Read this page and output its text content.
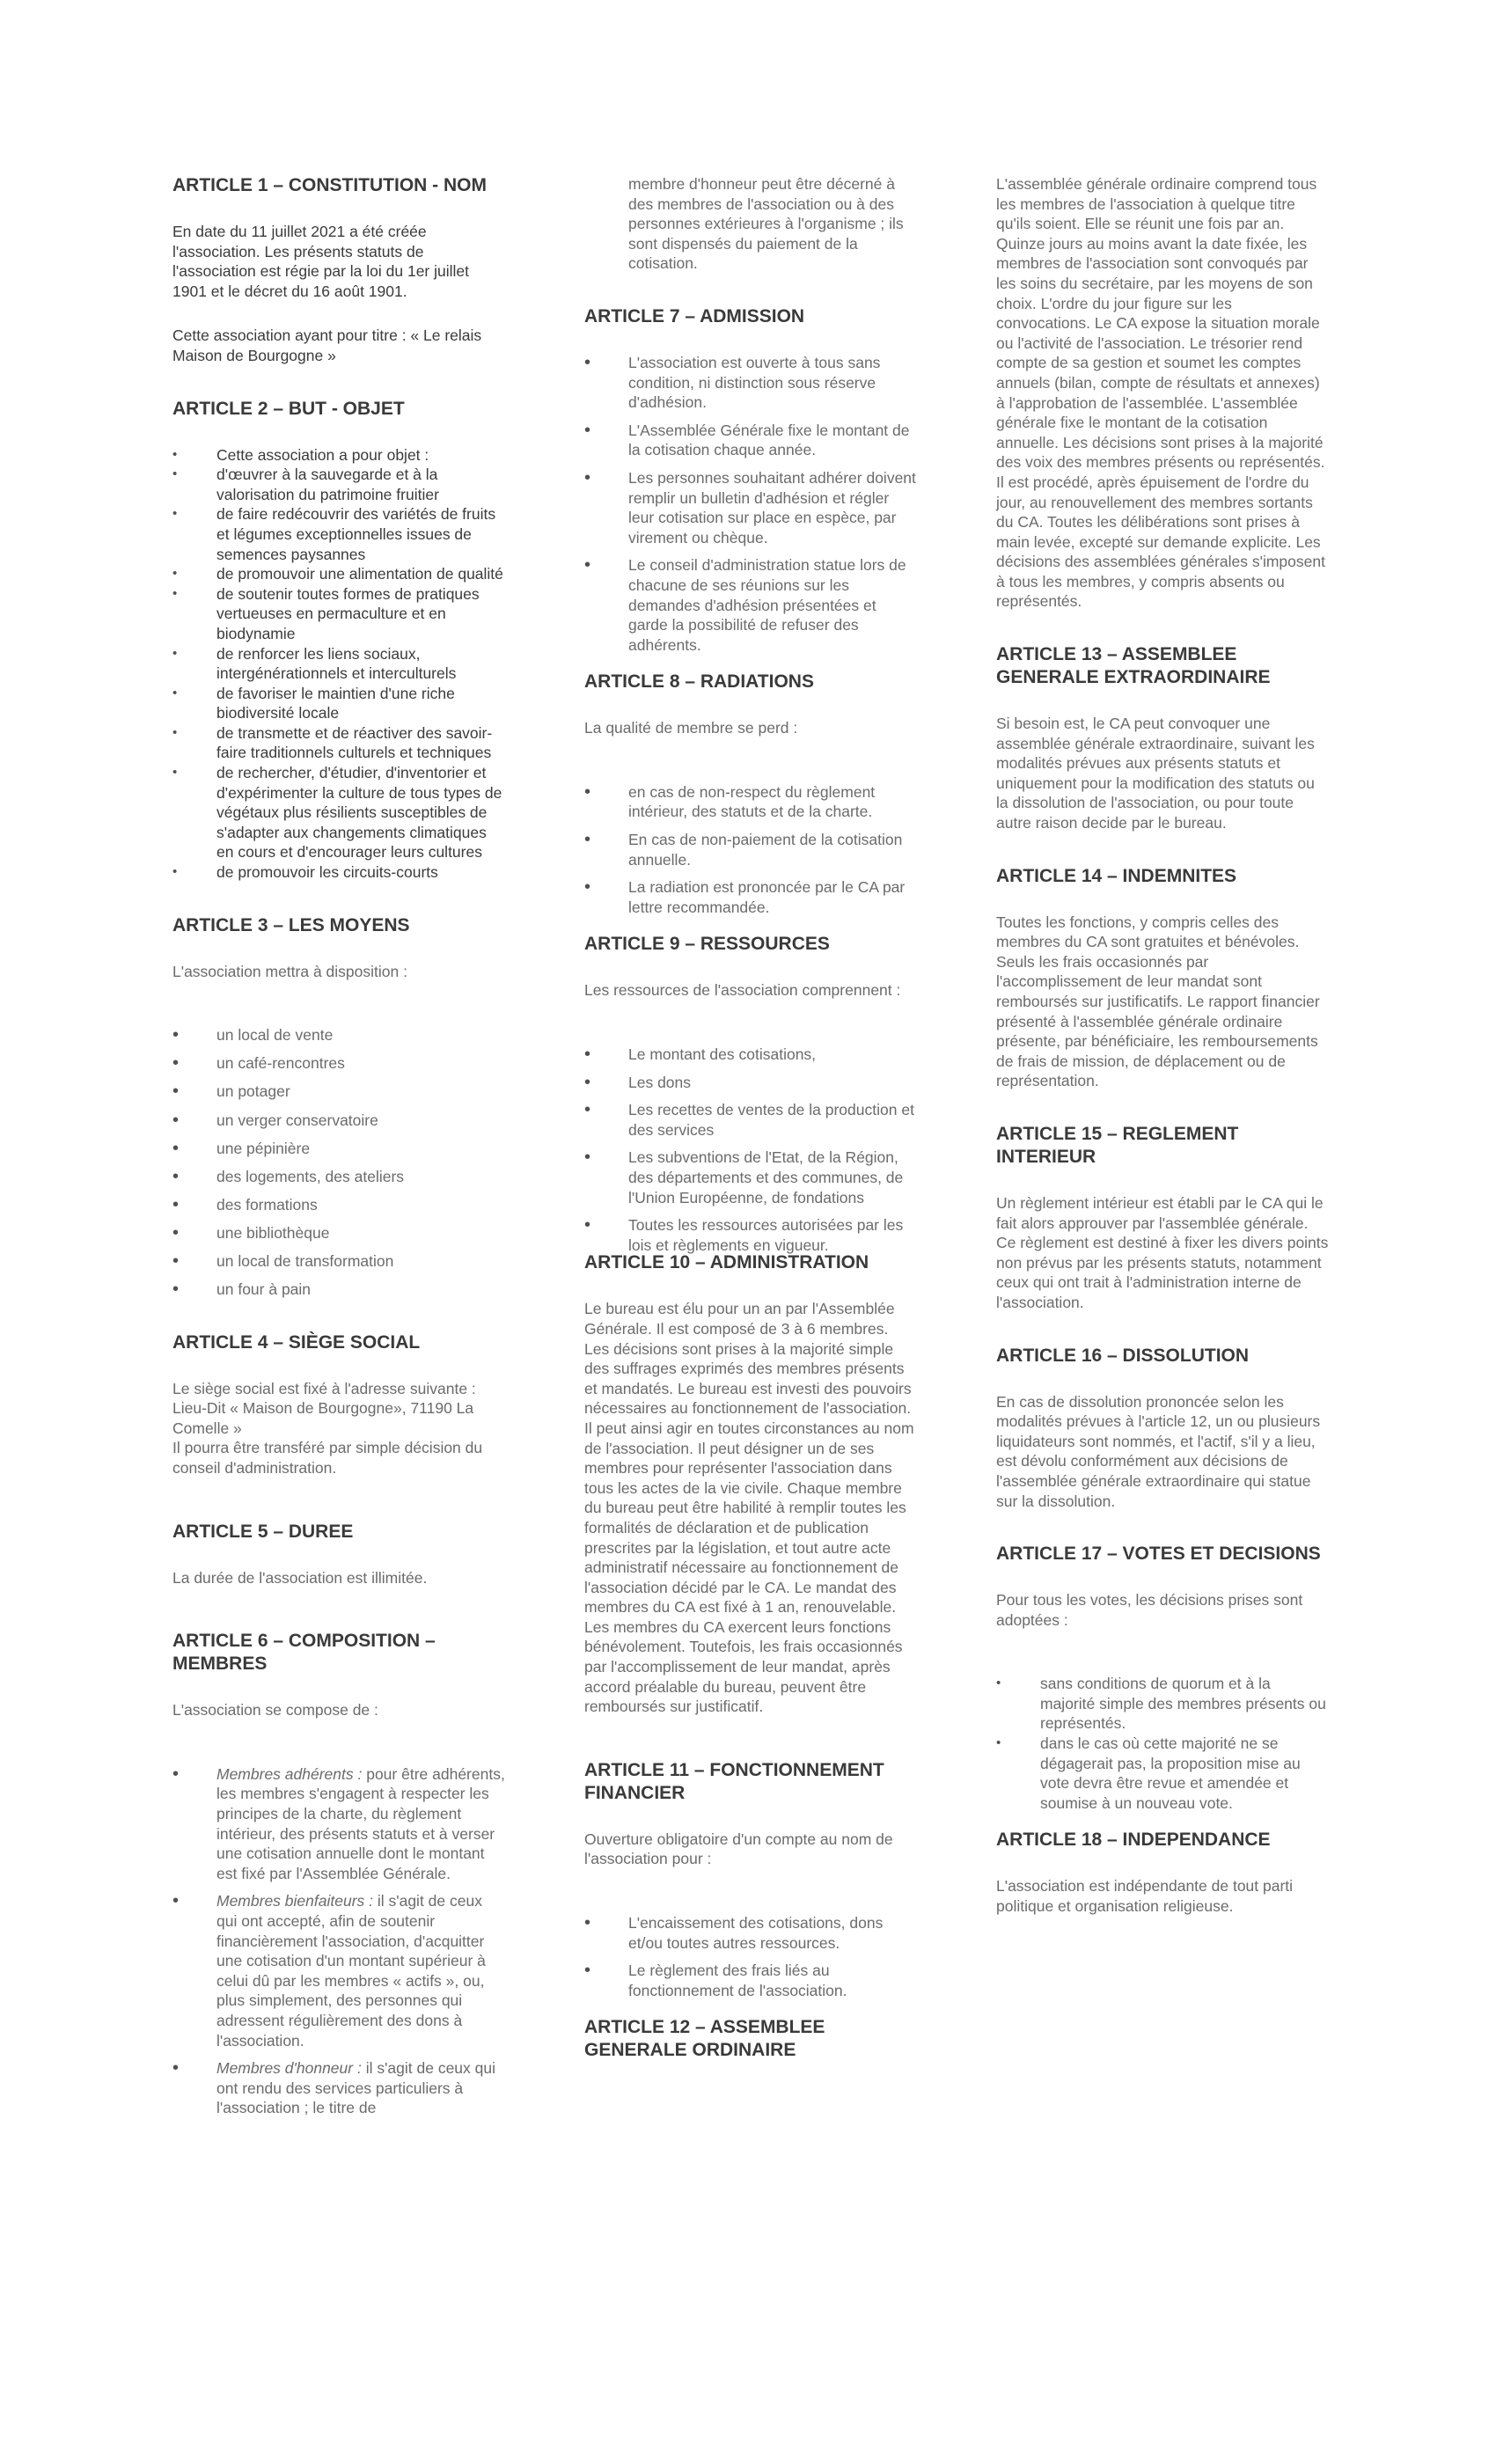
ARTICLE 1 – CONSTITUTION - NOM

En date du 11 juillet 2021 a été créée l'association. Les présents statuts de l'association est régie par la loi du 1er juillet 1901 et le décret du 16 août 1901.

Cette association ayant pour titre : « Le relais Maison de Bourgogne »

ARTICLE 2 – BUT - OBJET
• Cette association a pour objet :
• d'œuvrer à la sauvegarde et à la valorisation du patrimoine fruitier
• de faire redécouvrir des variétés de fruits et légumes exceptionnelles issues de semences paysannes
• de promouvoir une alimentation de qualité
• de soutenir toutes formes de pratiques vertueuses en permaculture et en biodynamie
• de renforcer les liens sociaux, intergénérationnels et interculturels
• de favoriser le maintien d'une riche biodiversité locale
• de transmette et de réactiver des savoir-faire traditionnels culturels et techniques
• de rechercher, d'étudier, d'inventorier et d'expérimenter la culture de tous types de végétaux plus résilients susceptibles de s'adapter aux changements climatiques en cours et d'encourager leurs cultures
• de promouvoir les circuits-courts
ARTICLE 3 – LES MOYENS

L'association mettra à disposition :

• un local de vente
• un café-rencontres
• un potager
• un verger conservatoire
• une pépinière
• des logements, des ateliers
• des formations
• une bibliothèque
• un local de transformation
• un four à pain
ARTICLE 4 – SIÈGE SOCIAL

Le siège social est fixé à l'adresse suivante :

Lieu-Dit « Maison de Bourgogne», 71190 La Comelle »

Il pourra être transféré par simple décision du conseil d'administration.

ARTICLE 5 – DUREE

La durée de l'association est illimitée.

ARTICLE 6 – COMPOSITION – MEMBRES

L'association se compose de :

• Membres adhérents : pour être adhérents, les membres s'engagent à respecter les principes de la charte, du règlement intérieur, des présents statuts et à verser une cotisation annuelle dont le montant est fixé par l'Assemblée Générale.
• Membres bienfaiteurs : il s'agit de ceux qui ont accepté, afin de soutenir financièrement l'association, d'acquitter une cotisation d'un montant supérieur à celui dû par les membres « actifs », ou, plus simplement, des personnes qui adressent régulièrement des dons à l'association.
• Membres d'honneur : il s'agit de ceux qui ont rendu des services particuliers à l'association ; le titre de

membre d'honneur peut être décerné à des membres de l'association ou à des personnes extérieures à l'organisme ; ils sont dispensés du paiement de la cotisation.

ARTICLE 7 – ADMISSION
• L'association est ouverte à tous sans condition, ni distinction sous réserve d'adhésion.
• L'Assemblée Générale fixe le montant de la cotisation chaque année.
• Les personnes souhaitant adhérer doivent remplir un bulletin d'adhésion et régler leur cotisation sur place en espèce, par virement ou chèque.
• Le conseil d'administration statue lors de chacune de ses réunions sur les demandes d'adhésion présentées et garde la possibilité de refuser des adhérents.
ARTICLE 8 – RADIATIONS

La qualité de membre se perd :

• en cas de non-respect du règlement intérieur, des statuts et de la charte.
• En cas de non-paiement de la cotisation annuelle.
• La radiation est prononcée par le CA par lettre recommandée.
ARTICLE 9 – RESSOURCES

Les ressources de l'association comprennent :

• Le montant des cotisations,
• Les dons
• Les recettes de ventes de la production et des services
• Les subventions de l'Etat, de la Région, des départements et des communes, de l'Union Européenne, de fondations
• Toutes les ressources autorisées par les lois et règlements en vigueur.
ARTICLE 10 – ADMINISTRATION

Le bureau est élu pour un an par l'Assemblée Générale. Il est composé de 3 à 6 membres. Les décisions sont prises à la majorité simple des suffrages exprimés des membres présents et mandatés. Le bureau est investi des pouvoirs nécessaires au fonctionnement de l'association. Il peut ainsi agir en toutes circonstances au nom de l'association. Il peut désigner un de ses membres pour représenter l'association dans tous les actes de la vie civile. Chaque membre du bureau peut être habilité à remplir toutes les formalités de déclaration et de publication prescrites par la législation, et tout autre acte administratif nécessaire au fonctionnement de l'association décidé par le CA. Le mandat des membres du CA est fixé à 1 an, renouvelable. Les membres du CA exercent leurs fonctions bénévolement. Toutefois, les frais occasionnés par l'accomplissement de leur mandat, après accord préalable du bureau, peuvent être remboursés sur justificatif.

ARTICLE 11 – FONCTIONNEMENT FINANCIER

Ouverture obligatoire d'un compte au nom de l'association pour :

• L'encaissement des cotisations, dons et/ou toutes autres ressources.
• Le règlement des frais liés au fonctionnement de l'association.
ARTICLE 12 – ASSEMBLEE GENERALE ORDINAIRE

L'assemblée générale ordinaire comprend tous les membres de l'association à quelque titre qu'ils soient. Elle se réunit une fois par an. Quinze jours au moins avant la date fixée, les membres de l'association sont convoqués par les soins du secrétaire, par les moyens de son choix. L'ordre du jour figure sur les convocations. Le CA expose la situation morale ou l'activité de l'association. Le trésorier rend compte de sa gestion et soumet les comptes annuels (bilan, compte de résultats et annexes) à l'approbation de l'assemblée. L'assemblée générale fixe le montant de la cotisation annuelle. Les décisions sont prises à la majorité des voix des membres présents ou représentés. Il est procédé, après épuisement de l'ordre du jour, au renouvellement des membres sortants du CA. Toutes les délibérations sont prises à main levée, excepté sur demande explicite. Les décisions des assemblées générales s'imposent à tous les membres, y compris absents ou représentés.

ARTICLE 13 – ASSEMBLEE GENERALE EXTRAORDINAIRE

Si besoin est, le CA peut convoquer une assemblée générale extraordinaire, suivant les modalités prévues aux présents statuts et uniquement pour la modification des statuts ou la dissolution de l'association, ou pour toute autre raison decide par le bureau.

ARTICLE 14 – INDEMNITES

Toutes les fonctions, y compris celles des membres du CA sont gratuites et bénévoles. Seuls les frais occasionnés par l'accomplissement de leur mandat sont remboursés sur justificatifs. Le rapport financier présenté à l'assemblée générale ordinaire présente, par bénéficiaire, les remboursements de frais de mission, de déplacement ou de représentation.

ARTICLE 15 – REGLEMENT INTERIEUR

Un règlement intérieur est établi par le CA qui le fait alors approuver par l'assemblée générale. Ce règlement est destiné à fixer les divers points non prévus par les présents statuts, notamment ceux qui ont trait à l'administration interne de l'association.

ARTICLE 16 – DISSOLUTION

En cas de dissolution prononcée selon les modalités prévues à l'article 12, un ou plusieurs liquidateurs sont nommés, et l'actif, s'il y a lieu, est dévolu conformément aux décisions de l'assemblée générale extraordinaire qui statue sur la dissolution.

ARTICLE 17 – VOTES ET DECISIONS

Pour tous les votes, les décisions prises sont adoptées :

• sans conditions de quorum et à la majorité simple des membres présents ou représentés.
• dans le cas où cette majorité ne se dégagerait pas, la proposition mise au vote devra être revue et amendée et soumise à un nouveau vote.
ARTICLE 18 – INDEPENDANCE

L'association est indépendante de tout parti politique et organisation religieuse.
